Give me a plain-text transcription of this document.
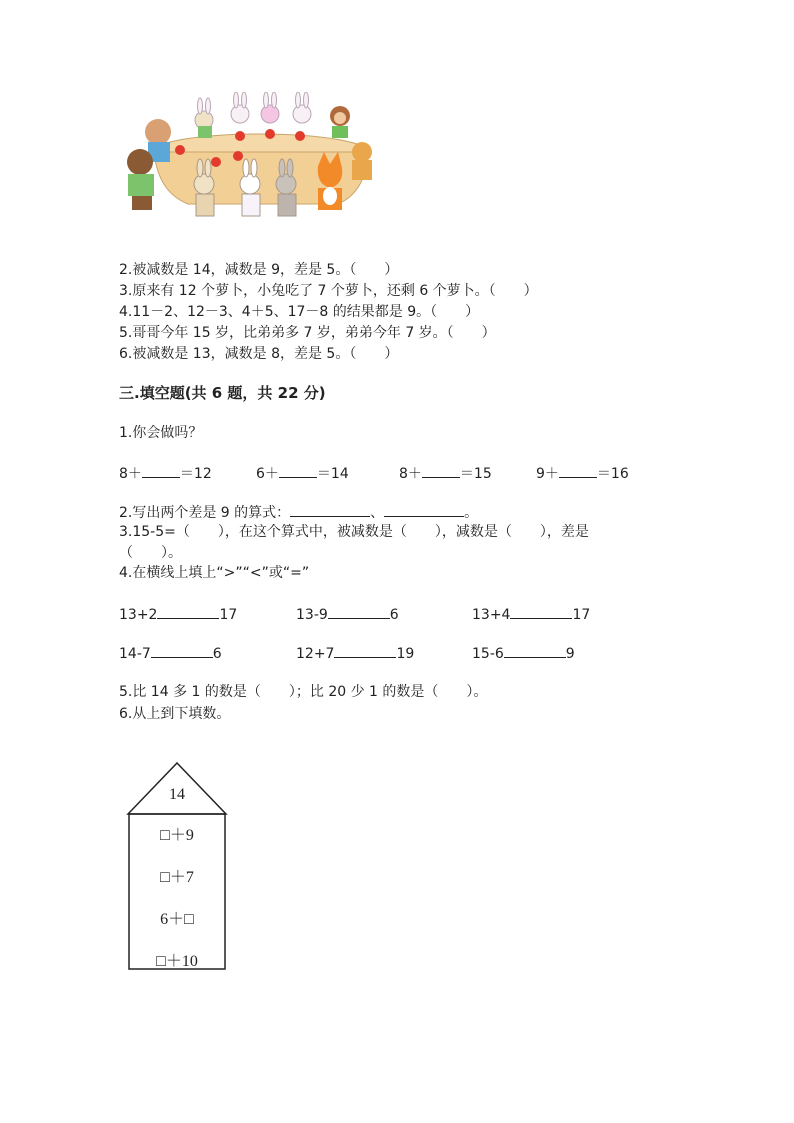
2.被减数是 14，减数是 9，差是 5。（　　）
3.原来有 12 个萝卜，小兔吃了 7 个萝卜，还剩 6 个萝卜。（　　）
4.11－2、12－3、4＋5、17－8 的结果都是 9。（　　）
5.哥哥今年 15 岁，比弟弟多 7 岁，弟弟今年 7 岁。（　　）
6.被减数是 13，减数是 8，差是 5。（　　）
三.填空题(共 6 题，共 22 分)
1.你会做吗？
8＋	＝12	6＋	＝14	8＋	＝15	9＋	＝16
2.写出两个差是 9 的算式：	、	。
3.15-5=（　　），在这个算式中，被减数是（　　），减数是（　　），差是
（　　）。
4.在横线上填上“>”“<”或“=”
13+2	17	13-9	6	13+4	17
14-7	6	12+7	19	15-6	9
5.比 14 多 1 的数是（　　）；比 20 少 1 的数是（　　）。
6.从上到下填数。
14
□＋9
□＋7
6＋□
□＋10
